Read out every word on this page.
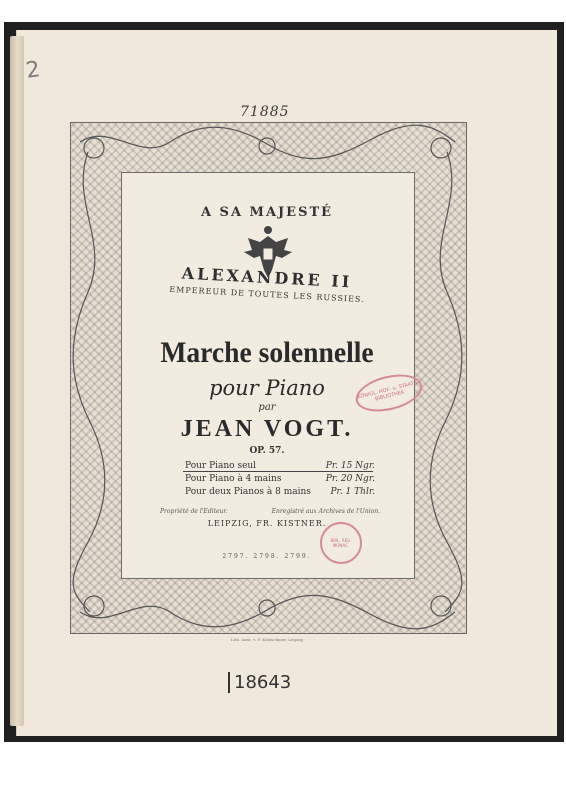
2
71885
A SA MAJESTÉ
ALEXANDRE II
EMPEREUR DE TOUTES LES RUSSIES.
Marche solennelle
pour Piano
par
JEAN VOGT.
OP. 57.
Pour Piano seul	Pr. 15 Ngr.
Pour Piano à 4 mains	Pr. 20 Ngr.
Pour deux Pianos à 8 mains Pr. 1 Thlr.
Propriété de l'Editeur.	Enregistré aux Archives de l'Union.
LEIPZIG, FR. KISTNER.
2797. 2798. 2799.
Lith. Anst. v. F. Krätschmer, Leipzig
KÖNIGL. HOF- u. STAATS-BIBLIOTHEK
BIBL. REG. MONAC.
18643
